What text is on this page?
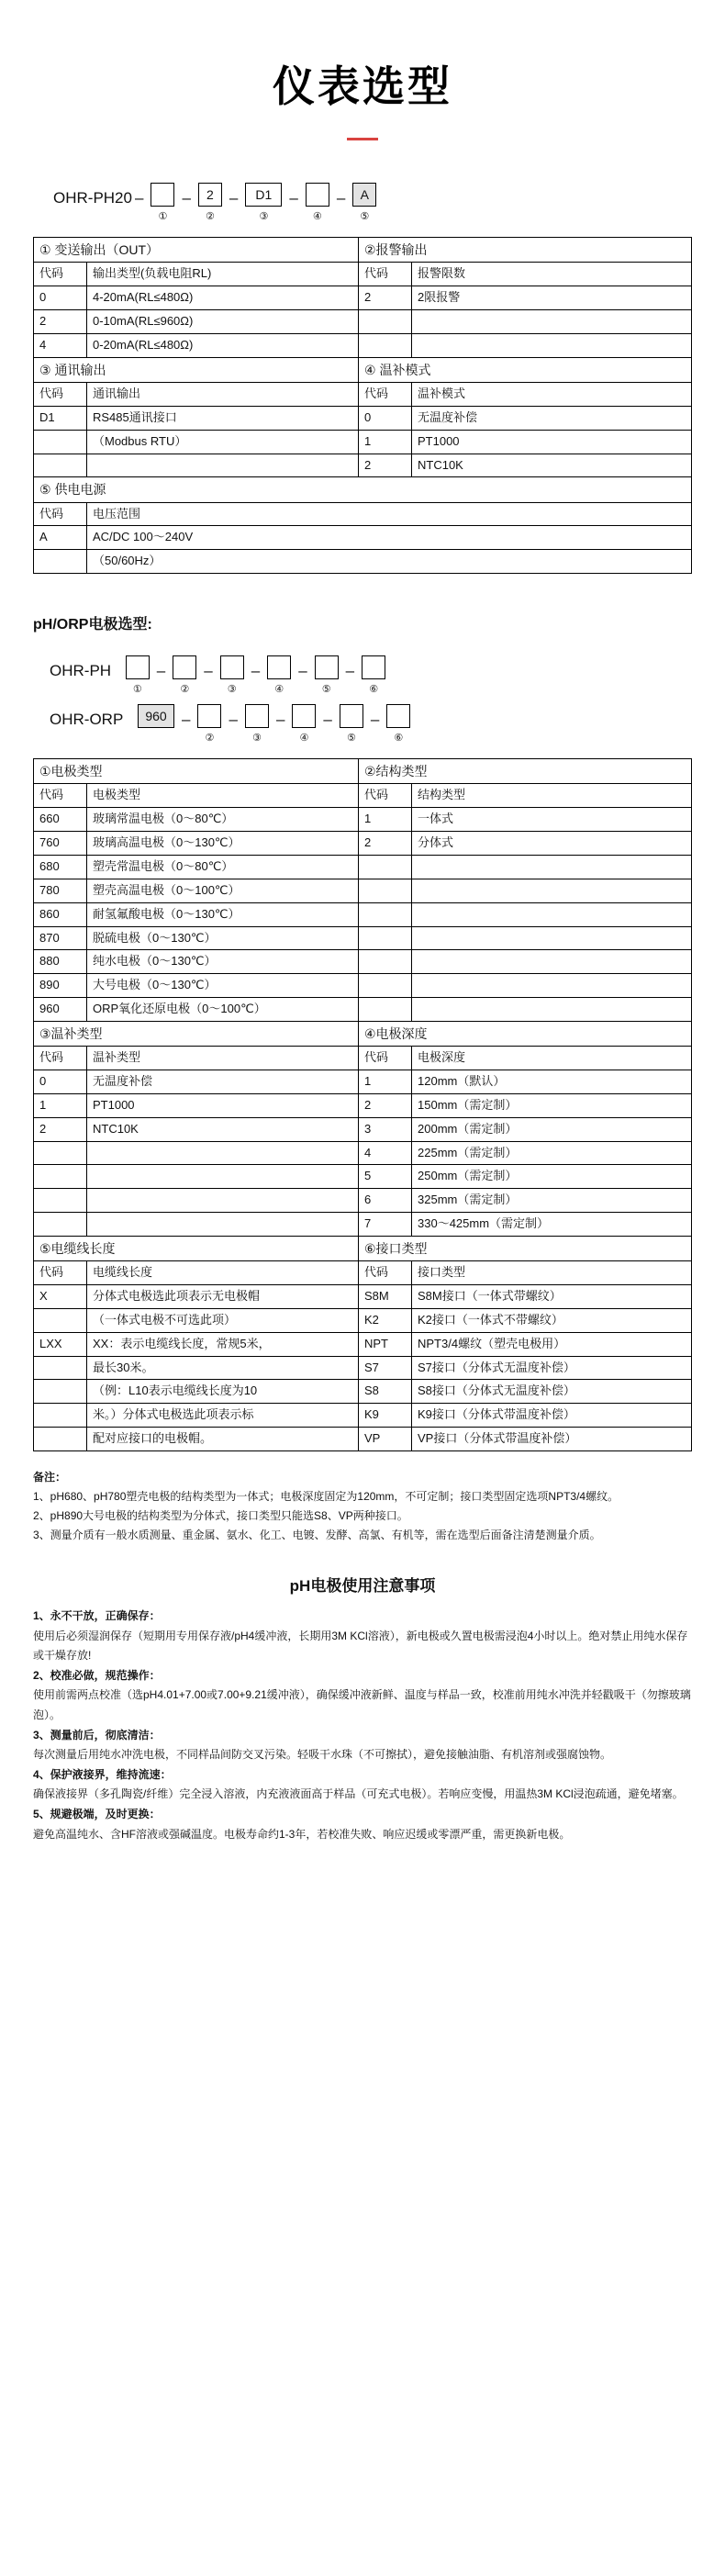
仪表选型
OHR-PH20 –
①
–	2
②
–	D1
③
–
④
–	A
⑤
① 变送输出（OUT）		②报警输出	
代码	输出类型(负载电阻RL)	代码	报警限数
0	4-20mA(RL≤480Ω)	2	2限报警
2	0-10mA(RL≤960Ω)		
4	0-20mA(RL≤480Ω)		
③ 通讯输出		④ 温补模式	
代码	通讯输出	代码	温补模式
D1	RS485通讯接口	0	无温度补偿
	（Modbus RTU）	1	PT1000
		2	NTC10K
⑤ 供电电源			
代码	电压范围		
A	AC/DC 100～240V		
	（50/60Hz）		
pH/ORP电极选型:
OHR-PH

①
–
②
–
③
–
④
–
⑤
–
⑥
OHR-ORP
	960 –
②
–
③
–
④
–
⑤
–
⑥
①电极类型		②结构类型	
代码	电极类型	代码	结构类型
660	玻璃常温电极（0～80℃）	1	一体式
760	玻璃高温电极（0～130℃）	2	分体式
680	塑壳常温电极（0～80℃）		
780	塑壳高温电极（0～100℃）		
860	耐氢氟酸电极（0～130℃）		
870	脱硫电极（0～130℃）		
880	纯水电极（0～130℃）		
890	大号电极（0～130℃）		
960	ORP氧化还原电极（0～100℃）		
③温补类型		④电极深度	
代码	温补类型	代码	电极深度
0	无温度补偿	1	120mm（默认）
1	PT1000	2	150mm（需定制）
2	NTC10K	3	200mm（需定制）
		4	225mm（需定制）
		5	250mm（需定制）
		6	325mm（需定制）
		7	330～425mm（需定制）
⑤电缆线长度		⑥接口类型	
代码	电缆线长度	代码	接口类型
X	分体式电极选此项表示无电极帽	S8M	S8M接口（一体式带螺纹）
	（一体式电极不可选此项）	K2	K2接口（一体式不带螺纹）
LXX	XX：表示电缆线长度，常规5米，	NPT	NPT3/4螺纹（塑壳电极用）
	最长30米。	S7	S7接口（分体式无温度补偿）
	（例：L10表示电缆线长度为10	S8	S8接口（分体式无温度补偿）
	米。）分体式电极选此项表示标	K9	K9接口（分体式带温度补偿）
	配对应接口的电极帽。	VP	VP接口（分体式带温度补偿）

备注：

1、pH680、pH780塑壳电极的结构类型为一体式；电极深度固定为120mm，不可定制；接口类型固定选项NPT3/4螺纹。

2、pH890大号电极的结构类型为分体式，接口类型只能选S8、VP两种接口。

3、测量介质有一般水质测量、重金属、氨水、化工、电镀、发酵、高氯、有机等，需在选型后面备注清楚测量介质。

pH电极使用注意事项

1、永不干放，正确保存：

使用后必须湿润保存（短期用专用保存液/pH4缓冲液，长期用3M KCl溶液），新电极或久置电极需浸泡4小时以上。绝对禁止用纯水保存或干燥存放!

2、校准必做，规范操作：

使用前需两点校准（选pH4.01+7.00或7.00+9.21缓冲液），确保缓冲液新鲜、温度与样品一致，校准前用纯水冲洗并轻戳吸干（勿擦玻璃泡）。

3、测量前后，彻底清洁：

每次测量后用纯水冲洗电极，不同样品间防交叉污染。轻吸干水珠（不可擦拭），避免接触油脂、有机溶剂或强腐蚀物。

4、保护液接界，维持流速：

确保液接界（多孔陶瓷/纤维）完全浸入溶液，内充液液面高于样品（可充式电极）。若响应变慢，用温热3M KCl浸泡疏通，避免堵塞。

5、规避极端，及时更换：

避免高温纯水、含HF溶液或强碱温度。电极寿命约1-3年，若校准失败、响应迟缓或零漂严重，需更换新电极。
